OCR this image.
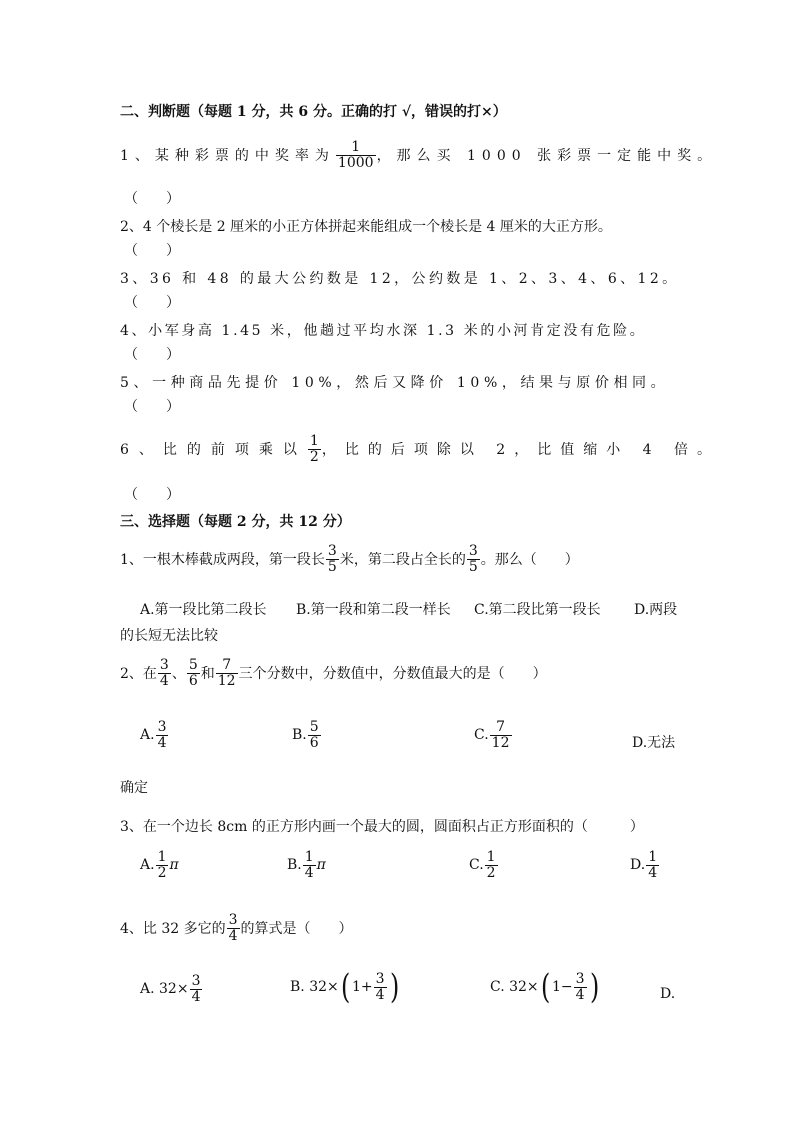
二、判断题（每题 1 分，共 6 分。正确的打 √，错误的打×）
1、某种彩票的中奖率为 $\frac{1}{1000}$ ，那么买 1000 张彩票一定能中奖。
（　　）
2、4 个棱长是 2 厘米的小正方体拼起来能组成一个棱长是 4 厘米的大正方形。
（　　）
3、36 和 48 的最大公约数是 12，公约数是 1、2、3、4、6、12。
（　　）
4、小军身高 1.45 米，他趟过平均水深 1.3 米的小河肯定没有危险。
（　　）
5、一种商品先提价 10%，然后又降价 10%，结果与原价相同。
（　　）
6、比的前项乘以 $\frac{1}{2}$ ，比的后项除以 2，比值缩小 4 倍。
（　　）
三、选择题（每题 2 分，共 12 分）
1、一根木棒截成两段，第一段长 $\frac{3}{5}$ 米，第二段占全长的 $\frac{3}{5}$ 。那么（　　）
A.第一段比第二段长 B.第一段和第二段一样长 C.第二段比第一段长 D.两段
的长短无法比较
2、在 $\frac{3}{4}$ 、 $\frac{5}{6}$ 和 $\frac{7}{12}$ 三个分数中，分数值中，分数值最大的是（　　）
A. $\frac{3}{4}$	B. $\frac{5}{6}$	C. $\frac{7}{12}$	D.无法
确定
3、在一个边长 8cm 的正方形内画一个最大的圆，圆面积占正方形面积的（　　　）
A. $\frac{1}{2}$ π	B. $\frac{1}{4}$ π	C. $\frac{1}{2}$	D. $\frac{1}{4}$
4、比 32 多它的 $\frac{3}{4}$ 的算式是（　　）
A. $32\times \frac{3}{4}$	B. 32× ( $1+ \frac{3}{4}$ )	C. 32× ( $1- \frac{3}{4}$ )	D.
